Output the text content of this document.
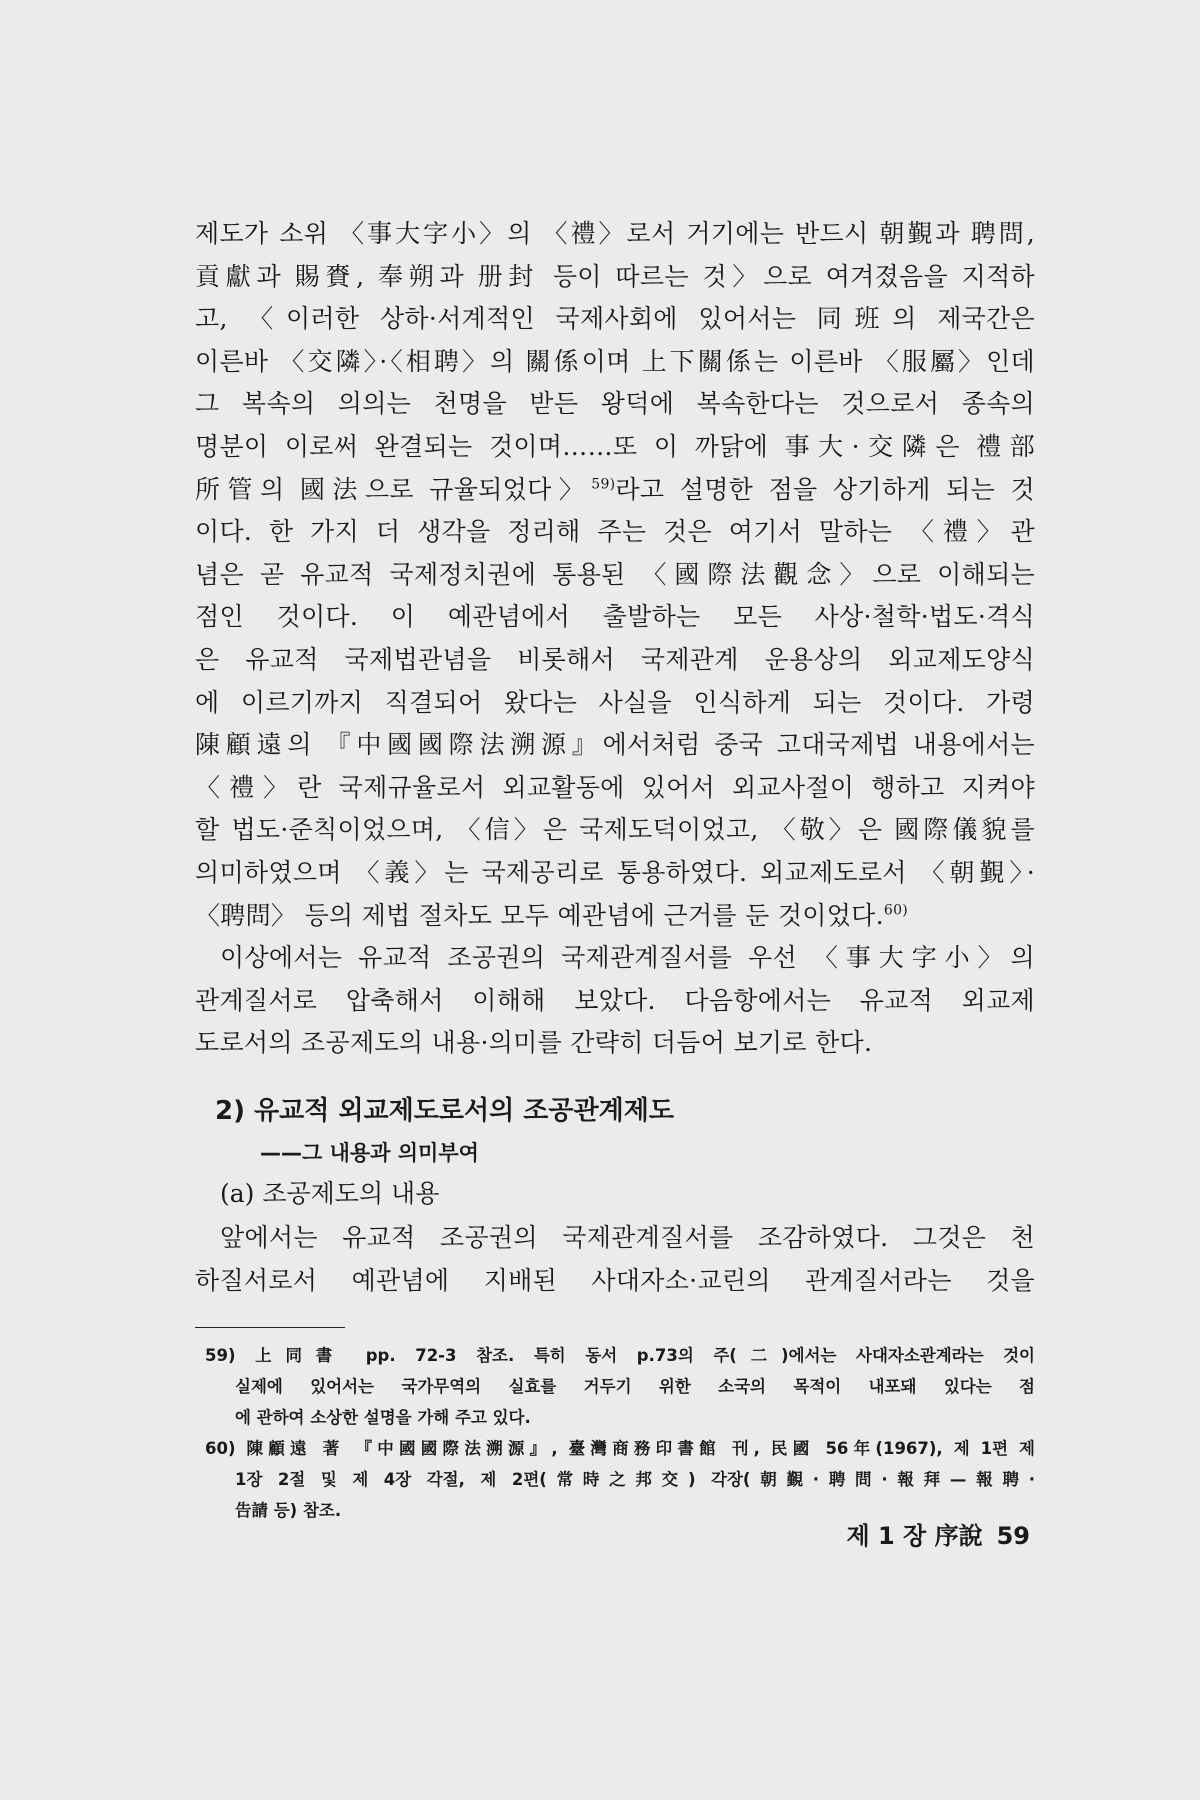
제도가 소위 〈事大字小〉의 〈禮〉로서 거기에는 반드시 朝覲과 聘問,
貢獻과 賜賚, 奉朔과 册封 등이 따르는 것〉으로 여겨졌음을 지적하
고, 〈이러한 상하·서계적인 국제사회에 있어서는 同班의 제국간은
이른바 〈交隣〉·〈相聘〉의 關係이며 上下關係는 이른바 〈服屬〉인데
그 복속의 의의는 천명을 받든 왕덕에 복속한다는 것으로서 종속의
명분이 이로써 완결되는 것이며……또 이 까닭에 事大·交隣은 禮部
所管의 國法으로 규율되었다〉$^{59)}$라고 설명한 점을 상기하게 되는 것
이다. 한 가지 더 생각을 정리해 주는 것은 여기서 말하는 〈禮〉관
념은 곧 유교적 국제정치권에 통용된 〈國際法觀念〉으로 이해되는
점인 것이다. 이 예관념에서 출발하는 모든 사상·철학·법도·격식
은 유교적 국제법관념을 비롯해서 국제관계 운용상의 외교제도양식
에 이르기까지 직결되어 왔다는 사실을 인식하게 되는 것이다. 가령
陳顧遠의 『中國國際法溯源』에서처럼 중국 고대국제법 내용에서는
〈禮〉란 국제규율로서 외교활동에 있어서 외교사절이 행하고 지켜야
할 법도·준칙이었으며, 〈信〉은 국제도덕이었고, 〈敬〉은 國際儀貌를
의미하였으며 〈義〉는 국제공리로 통용하였다. 외교제도로서 〈朝覲〉·
〈聘問〉 등의 제법 절차도 모두 예관념에 근거를 둔 것이었다.$^{60)}$
이상에서는 유교적 조공권의 국제관계질서를 우선 〈事大字小〉의
관계질서로 압축해서 이해해 보았다. 다음항에서는 유교적 외교제
도로서의 조공제도의 내용·의미를 간략히 더듬어 보기로 한다.
2) 유교적 외교제도로서의 조공관계제도
——그 내용과 의미부여
(a) 조공제도의 내용
앞에서는 유교적 조공권의 국제관계질서를 조감하였다. 그것은 천
하질서로서 예관념에 지배된 사대자소·교린의 관계질서라는 것을
59) 上同書 pp. 72-3 참조. 특히 동서 p.73의 주(二)에서는 사대자소관계라는 것이
실제에 있어서는 국가무역의 실효를 거두기 위한 소국의 목적이 내포돼 있다는 점
에 관하여 소상한 설명을 가해 주고 있다.
60) 陳顧遠 著 『中國國際法溯源』, 臺灣商務印書館 刊, 民國 56年(1967), 제 1편 제
1장 2절 및 제 4장 각절, 제 2편(常時之邦交) 각장(朝覲·聘問·報拜—報聘·
告請 등) 참조.
제 1 장 序說 59
